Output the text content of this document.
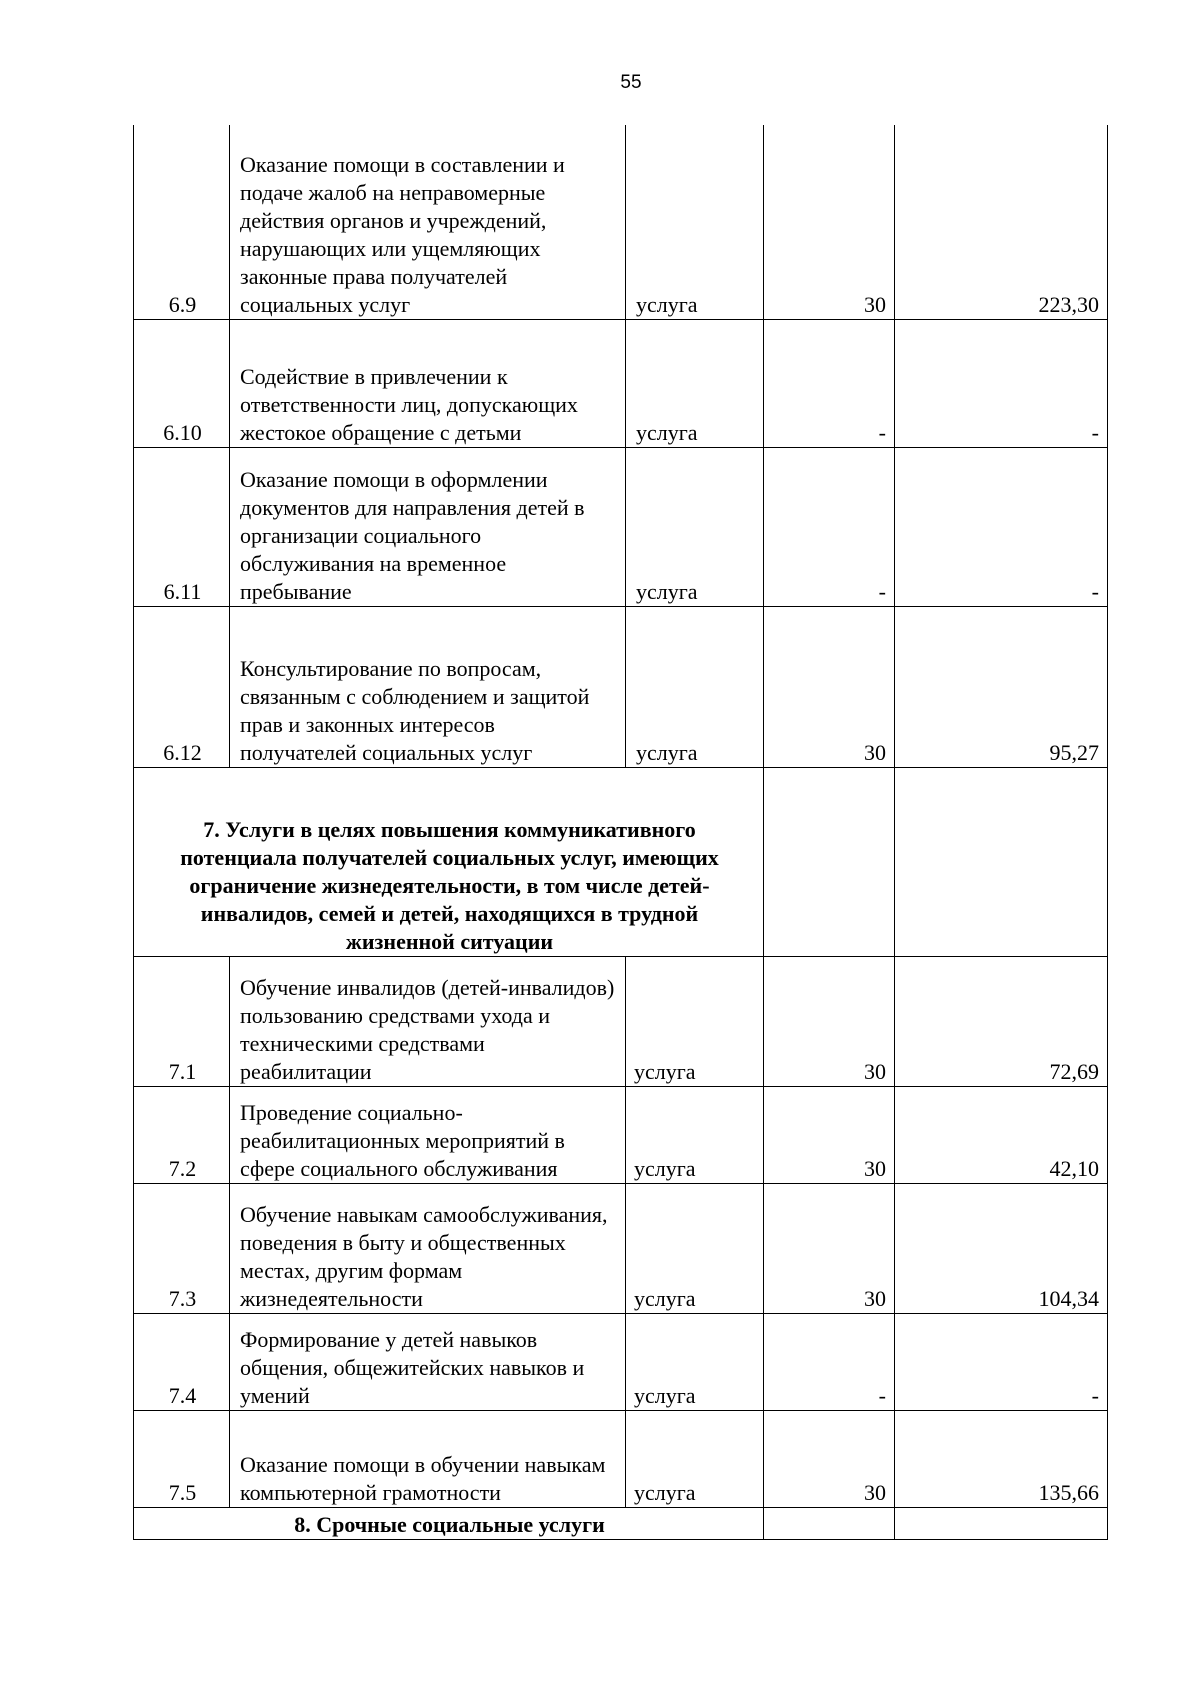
55
6.9	Оказание помощи в составлении и подаче жалоб на неправомерные действия органов и учреждений, нарушающих или ущемляющих законные права получателей социальных услуг	услуга	30	223,30
6.10	Содействие в привлечении к ответственности лиц, допускающих жестокое обращение с детьми	услуга	-	-
6.11	Оказание помощи в оформлении документов для направления детей в организации социального обслуживания на временное пребывание	услуга	-	-
6.12	Консультирование по вопросам, связанным с соблюдением и защитой прав и законных интересов получателей социальных услуг	услуга	30	95,27
7. Услуги в целях повышения коммуникативного потенциала получателей социальных услуг, имеющих ограничение жизнедеятельности, в том числе детей-инвалидов, семей и детей, находящихся в трудной жизненной ситуации				
7.1	Обучение инвалидов (детей-инвалидов) пользованию средствами ухода и техническими средствами реабилитации	услуга	30	72,69
7.2	Проведение социально-реабилитационных мероприятий в сфере социального обслуживания	услуга	30	42,10
7.3	Обучение навыкам самообслуживания, поведения в быту и общественных местах, другим формам жизнедеятельности	услуга	30	104,34
7.4	Формирование у детей навыков общения, общежитейских навыков и умений	услуга	-	-
7.5	Оказание помощи в обучении навыкам компьютерной грамотности	услуга	30	135,66
8. Срочные социальные услуги				
